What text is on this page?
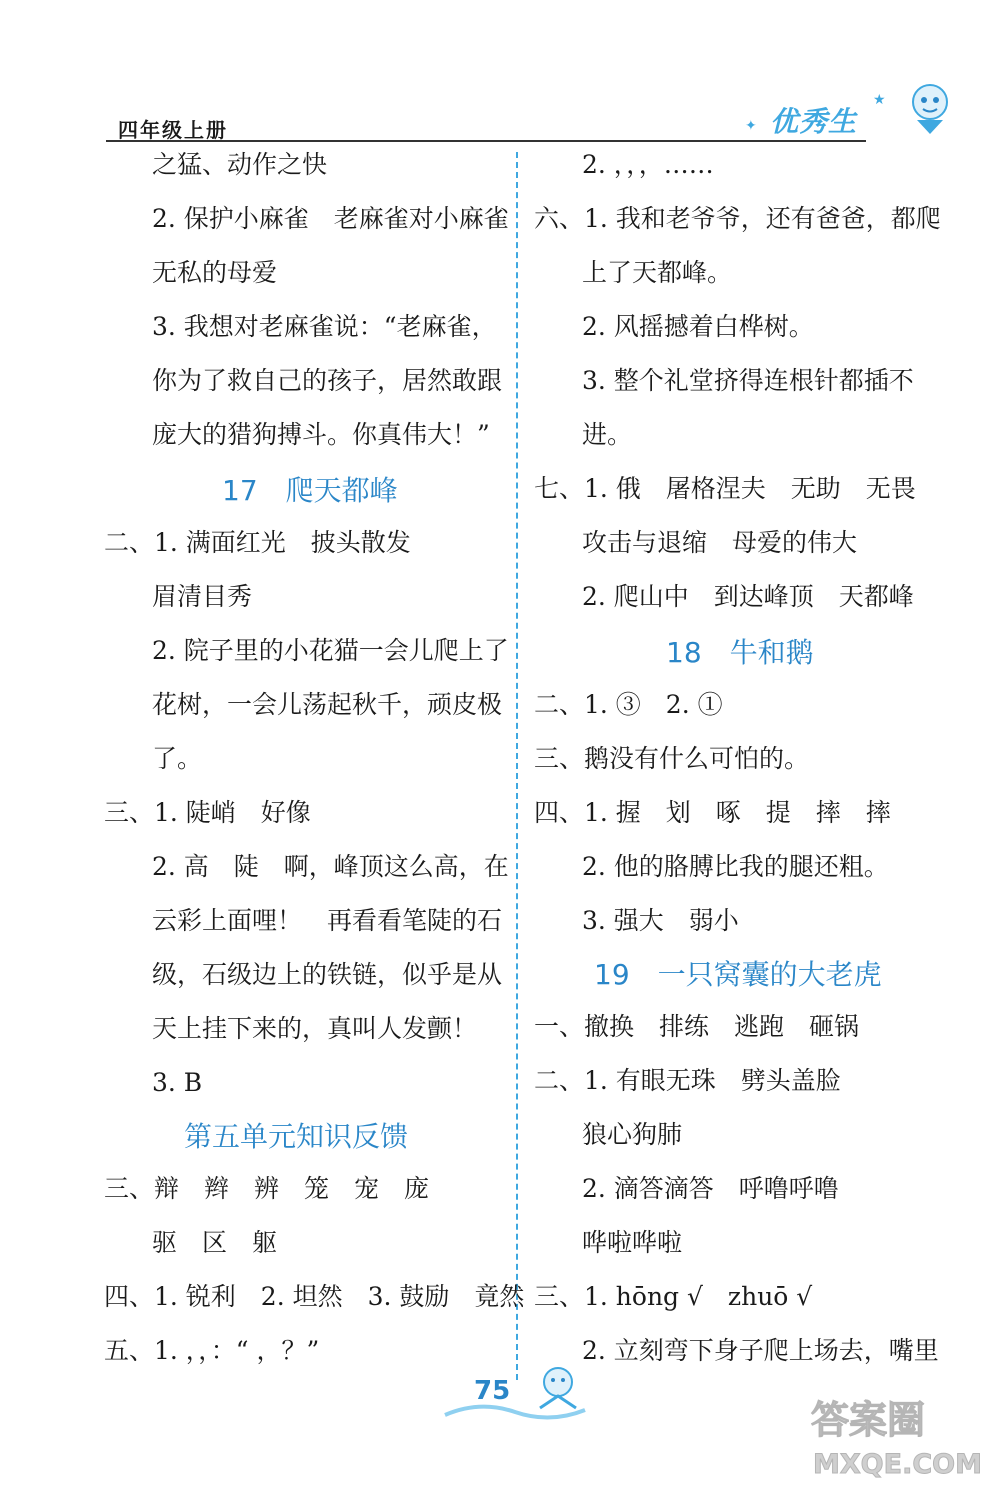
四年级上册	✦
★
优秀生
之猛、动作之快
2. 保护小麻雀　老麻雀对小麻雀
无私的母爱
3. 我想对老麻雀说：“老麻雀，
你为了救自己的孩子，居然敢跟
庞大的猎狗搏斗。你真伟大！”
17　爬天都峰
二、1. 满面红光　披头散发
眉清目秀
2. 院子里的小花猫一会儿爬上了
花树，一会儿荡起秋千，顽皮极
了。
三、1. 陡峭　好像
2. 高　陡　啊，峰顶这么高，在
云彩上面哩！　再看看笔陡的石
级，石级边上的铁链，似乎是从
天上挂下来的，真叫人发颤！
3. B
第五单元知识反馈
三、辩　辫　辨　笼　宠　庞
驱　区　躯
四、1. 锐利　2. 坦然　3. 鼓励　竟然
五、1. ，，：“ ，？”
2. ，，，……
六、1. 我和老爷爷，还有爸爸，都爬
上了天都峰。
2. 风摇撼着白桦树。
3. 整个礼堂挤得连根针都插不
进。
七、1. 俄　屠格涅夫　无助　无畏
攻击与退缩　母爱的伟大
2. 爬山中　到达峰顶　天都峰
18　牛和鹅
二、1. ③　2. ①
三、鹅没有什么可怕的。
四、1. 握　划　啄　提　摔　摔
2. 他的胳膊比我的腿还粗。
3. 强大　弱小
19　一只窝囊的大老虎
一、撤换　排练　逃跑　砸锅
二、1. 有眼无珠　劈头盖脸
狼心狗肺
2. 滴答滴答　呼噜呼噜
哗啦哗啦
三、1. hōng √　zhuō √
2. 立刻弯下身子爬上场去，嘴里
75
答案圈
MXQE.COM
